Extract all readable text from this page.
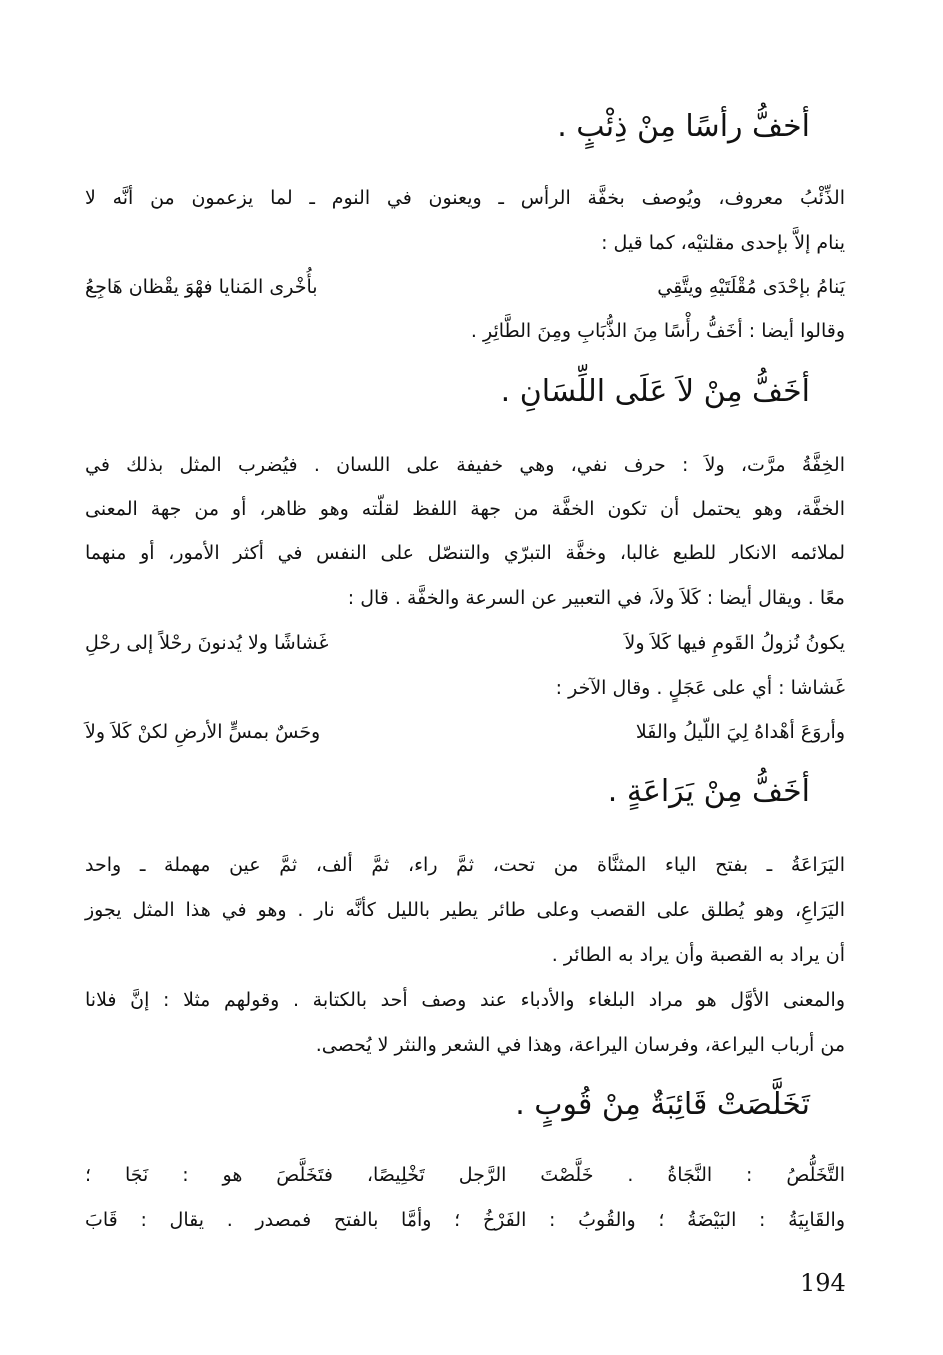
أخفُّ رأسًا مِنْ ذِئْبٍ .
الذِّئْبُ معروف، ويُوصف بخفَّة الرأس ـ ويعنون في النوم ـ لما يزعمون من أنَّه لا
ينام إلاَّ بإحدى مقلتيْه، كما قيل :
يَنامُ بإحْدَى مُقْلَتَيْهِ ويتَّقِي
بأُخْرى المَنايا فهْوَ يقْظان هَاجِعُ
وقالوا أيضا : أخَفُّ رأْسًا مِنَ الذُّبَابِ ومِنَ الطَّائِرِ .
أخَفُّ مِنْ لاَ عَلَى اللِّسَانِ .
الخِفَّةُ مرَّت، ولاَ : حرف نفي، وهي خفيفة على اللسان . فيُضرب المثل بذلك في
الخفَّة، وهو يحتمل أن تكون الخفَّة من جهة اللفظ لقلّته وهو ظاهر، أو من جهة المعنى
لملائمه الانكار للطبع غالبا، وخفَّة التبرّي والتنصّل على النفس في أكثر الأمور، أو منهما
معًا . ويقال أيضا : كَلاَ ولاَ، في التعبير عن السرعة والخفَّة . قال :
يكونُ نُزولُ القَومِ فيها كَلاَ ولاَ
غَشاشًا ولا يُدنونَ رحْلاً إلى رحْلِ
غَشاشا : أي على عَجَلٍ . وقال الآخر :
وأروَعَ أهْداهُ لِيَ اللّيلُ والفَلا
وحَسٌ بمسٍّ الأرضِ لكنْ كَلاَ ولاَ
أخَفُّ مِنْ يَرَاعَةٍ .
اليَرَاعَةُ ـ بفتح الياء المثنَّاة من تحت، ثمَّ راء، ثمَّ ألف، ثمَّ عين مهملة ـ واحد
اليَرَاعِ، وهو يُطلق على القصب وعلى طائر يطير بالليل كأنَّه نار . وهو في هذا المثل يجوز
أن يراد به القصبة وأن يراد به الطائر .
والمعنى الأوَّل هو مراد البلغاء والأدباء عند وصف أحد بالكتابة . وقولهم مثلا : إنَّ فلانا
من أرباب اليراعة، وفرسان اليراعة، وهذا في الشعر والنثر لا يُحصى.
تَخَلَّصَتْ قَائِبَةٌ مِنْ قُوبٍ .
التَّخَلُّصُ : النَّجَاةُ . خَلَّصْتَ الرَّجل تَخْلِيصًا، فتَخَلَّصَ هو : نَجَا ؛
والقَابِيَةُ : البَيْضَةُ ؛ والقُوبُ : الفَرْخُ ؛ وأمَّا بالفتح فمصدر . يقال : قَابَ
194
